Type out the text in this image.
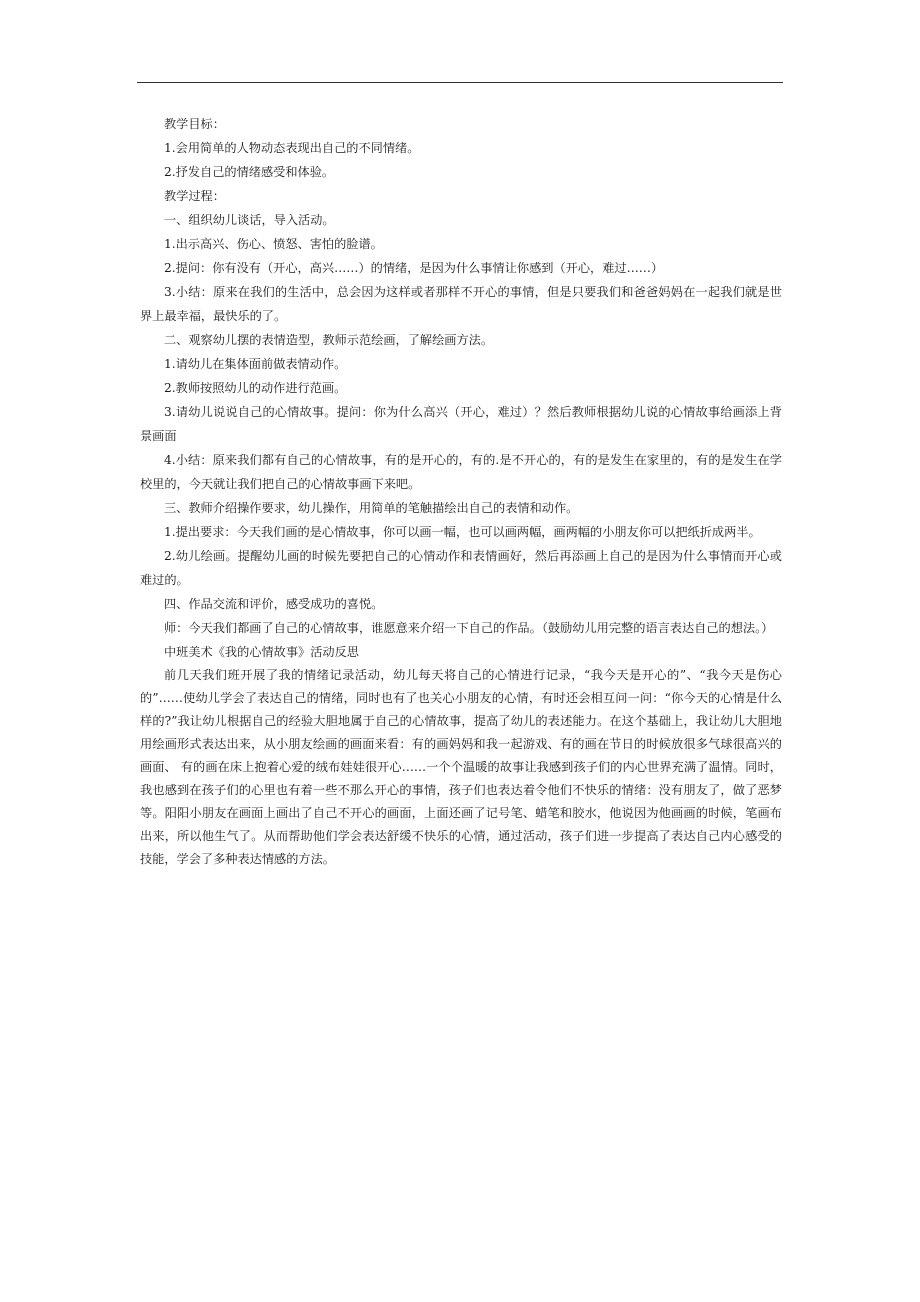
教学目标：

1.会用简单的人物动态表现出自己的不同情绪。

2.抒发自己的情绪感受和体验。

教学过程：

一、组织幼儿谈话，导入活动。

1.出示高兴、伤心、愤怒、害怕的脸谱。

2.提问：你有没有（开心，高兴……）的情绪，是因为什么事情让你感到（开心，难过……）

3.小结：原来在我们的生活中，总会因为这样或者那样不开心的事情，但是只要我们和爸爸妈妈在一起我们就是世界上最幸福，最快乐的了。

二、观察幼儿摆的表情造型，教师示范绘画，了解绘画方法。

1.请幼儿在集体面前做表情动作。

2.教师按照幼儿的动作进行范画。

3.请幼儿说说自己的心情故事。提问：你为什么高兴（开心，难过）？然后教师根据幼儿说的心情故事给画添上背景画面

4.小结：原来我们都有自己的心情故事，有的是开心的，有的.是不开心的，有的是发生在家里的，有的是发生在学校里的，今天就让我们把自己的心情故事画下来吧。

三、教师介绍操作要求，幼儿操作，用简单的笔触描绘出自己的表情和动作。

1.提出要求：今天我们画的是心情故事，你可以画一幅，也可以画两幅，画两幅的小朋友你可以把纸折成两半。

2.幼儿绘画。提醒幼儿画的时候先要把自己的心情动作和表情画好，然后再添画上自己的是因为什么事情而开心或难过的。

四、作品交流和评价，感受成功的喜悦。

师：今天我们都画了自己的心情故事，谁愿意来介绍一下自己的作品。（鼓励幼儿用完整的语言表达自己的想法。）

中班美术《我的心情故事》活动反思

前几天我们班开展了我的情绪记录活动，幼儿每天将自己的心情进行记录，“我今天是开心的”、“我今天是伤心的”……使幼儿学会了表达自己的情绪，同时也有了也关心小朋友的心情，有时还会相互问一问：“你今天的心情是什么样的?”我让幼儿根据自己的经验大胆地属于自己的心情故事，提高了幼儿的表述能力。在这个基础上，我让幼儿大胆地用绘画形式表达出来，从小朋友绘画的画面来看：有的画妈妈和我一起游戏、有的画在节日的时候放很多气球很高兴的画面、 有的画在床上抱着心爱的绒布娃娃很开心……一个个温暖的故事让我感到孩子们的内心世界充满了温情。同时，我也感到在孩子们的心里也有着一些不那么开心的事情，孩子们也表达着令他们不快乐的情绪：没有朋友了，做了恶梦等。阳阳小朋友在画面上画出了自己不开心的画面，上面还画了记号笔、蜡笔和胶水，他说因为他画画的时候，笔画布出来，所以他生气了。从而帮助他们学会表达舒缓不快乐的心情，通过活动，孩子们进一步提高了表达自己内心感受的技能，学会了多种表达情感的方法。
